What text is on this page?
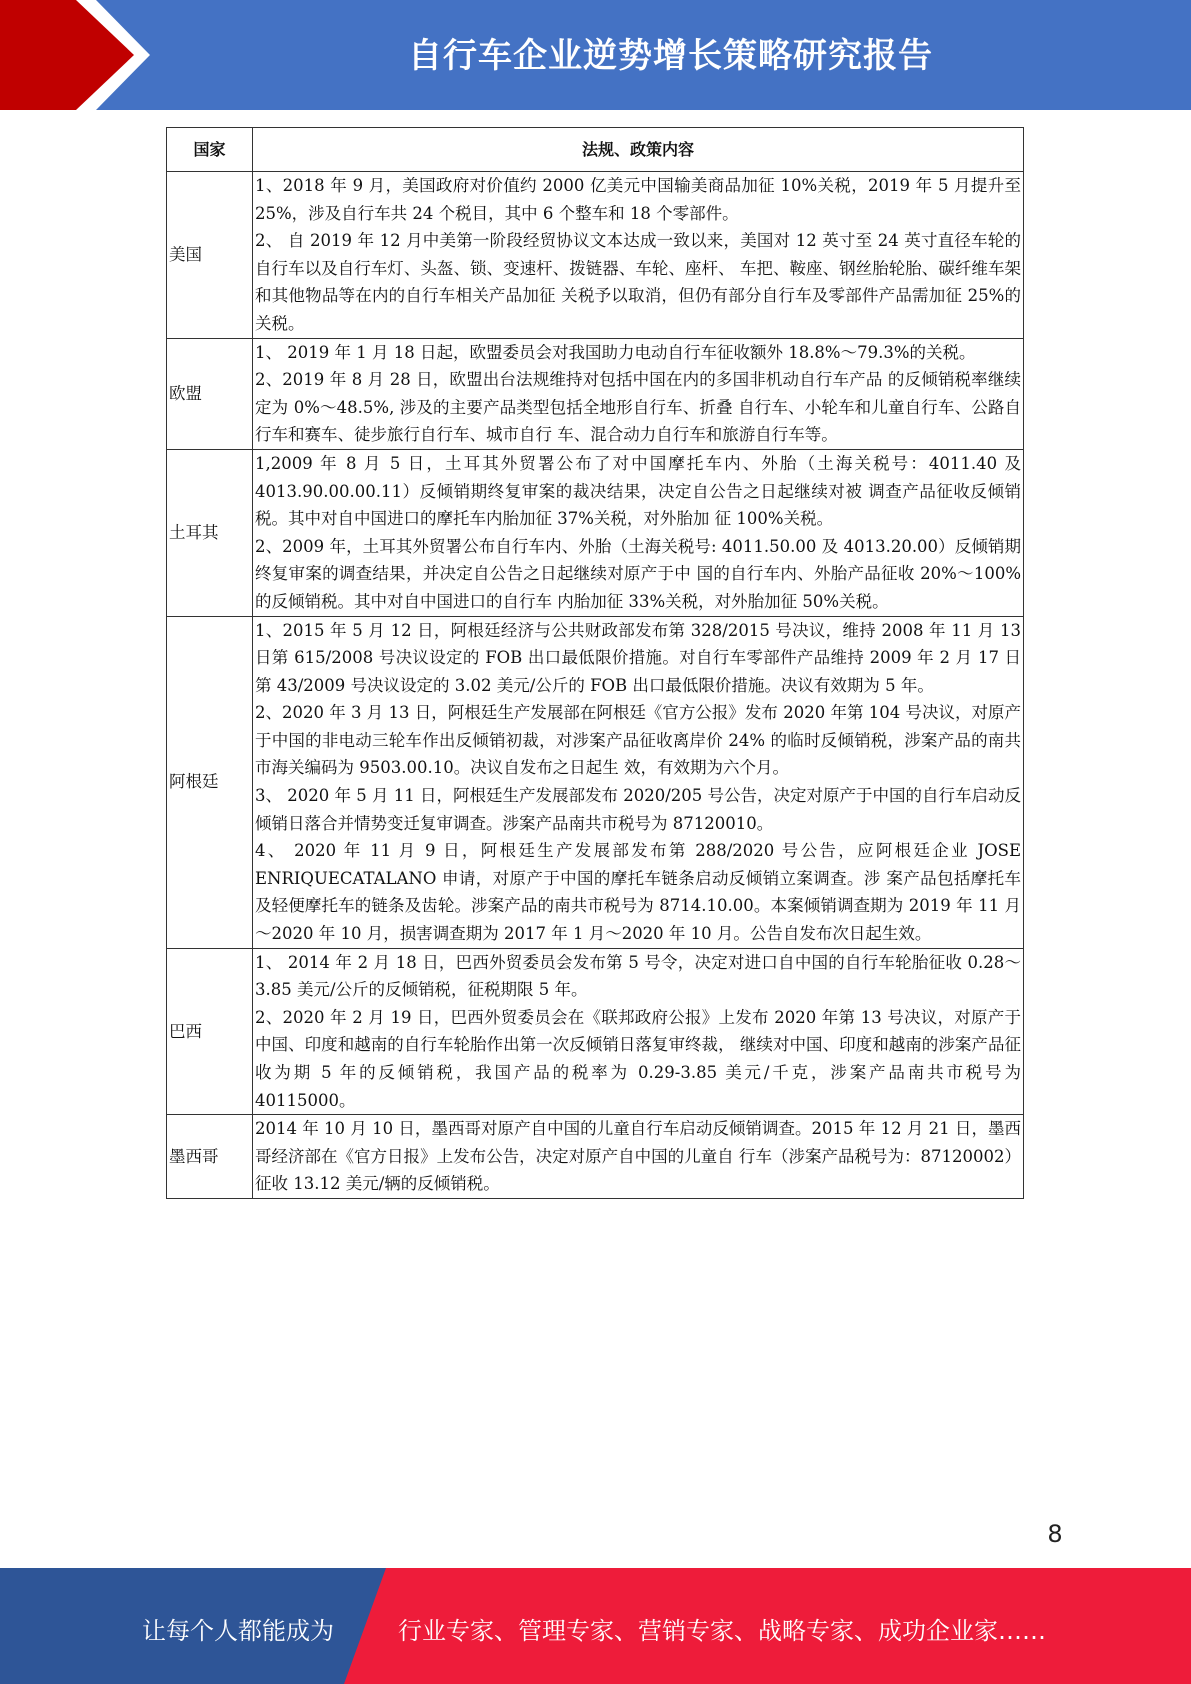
自行车企业逆势增长策略研究报告
国家	法规、政策内容
美国	1、2018 年 9 月，美国政府对价值约 2000 亿美元中国输美商品加征 10%关税，2019 年 5 月提升至 25%，涉及自行车共 24 个税目，其中 6 个整车和 18 个零部件。

2、 自 2019 年 12 月中美第一阶段经贸协议文本达成一致以来，美国对 12 英寸至 24 英寸直径车轮的自行车以及自行车灯、头盔、锁、变速杆、拨链器、车轮、座杆、 车把、鞍座、钢丝胎轮胎、碳纤维车架和其他物品等在内的自行车相关产品加征 关税予以取消，但仍有部分自行车及零部件产品需加征 25%的关税。

欧盟	1、 2019 年 1 月 18 日起，欧盟委员会对我国助力电动自行车征收额外 18.8%～79.3%的关税。

2、2019 年 8 月 28 日，欧盟出台法规维持对包括中国在内的多国非机动自行车产品 的反倾销税率继续定为 0%～48.5%, 涉及的主要产品类型包括全地形自行车、折叠 自行车、小轮车和儿童自行车、公路自行车和赛车、徒步旅行自行车、城市自行 车、混合动力自行车和旅游自行车等。

土耳其	1,2009 年 8 月 5 日，土耳其外贸署公布了对中国摩托车内、外胎（土海关税号：4011.40 及 4013.90.00.00.11）反倾销期终复审案的裁决结果，决定自公告之日起继续对被 调查产品征收反倾销税。其中对自中国进口的摩托车内胎加征 37%关税，对外胎加 征 100%关税。

2、2009 年，土耳其外贸署公布自行车内、外胎（土海关税号: 4011.50.00 及 4013.20.00）反倾销期终复审案的调查结果，并决定自公告之日起继续对原产于中 国的自行车内、外胎产品征收 20%～100%的反倾销税。其中对自中国进口的自行车 内胎加征 33%关税，对外胎加征 50%关税。

阿根廷	1、2015 年 5 月 12 日，阿根廷经济与公共财政部发布第 328/2015 号决议，维持 2008 年 11 月 13 日第 615/2008 号决议设定的 FOB 出口最低限价措施。对自行车零部件产品维持 2009 年 2 月 17 日第 43/2009 号决议设定的 3.02 美元/公斤的 FOB 出口最低限价措施。决议有效期为 5 年。

2、2020 年 3 月 13 日，阿根廷生产发展部在阿根廷《官方公报》发布 2020 年第 104 号决议，对原产于中国的非电动三轮车作出反倾销初裁，对涉案产品征收离岸价 24% 的临时反倾销税，涉案产品的南共市海关编码为 9503.00.10。决议自发布之日起生 效，有效期为六个月。

3、 2020 年 5 月 11 日，阿根廷生产发展部发布 2020/205 号公告，决定对原产于中国的自行车启动反倾销日落合并情势变迁复审调查。涉案产品南共市税号为 87120010。

4、 2020 年 11 月 9 日，阿根廷生产发展部发布第 288/2020 号公告，应阿根廷企业 JOSE ENRIQUECATALANO 申请，对原产于中国的摩托车链条启动反倾销立案调查。涉 案产品包括摩托车及轻便摩托车的链条及齿轮。涉案产品的南共市税号为 8714.10.00。本案倾销调查期为 2019 年 11 月～2020 年 10 月，损害调查期为 2017 年 1 月～2020 年 10 月。公告自发布次日起生效。

巴西	1、 2014 年 2 月 18 日，巴西外贸委员会发布第 5 号令，决定对进口自中国的自行车轮胎征收 0.28～3.85 美元/公斤的反倾销税，征税期限 5 年。

2、2020 年 2 月 19 日，巴西外贸委员会在《联邦政府公报》上发布 2020 年第 13 号决议，对原产于中国、印度和越南的自行车轮胎作出第一次反倾销日落复审终裁， 继续对中国、印度和越南的涉案产品征收为期 5 年的反倾销税，我国产品的税率为 0.29-3.85 美元/千克，涉案产品南共市税号为 40115000。

墨西哥	2014 年 10 月 10 日，墨西哥对原产自中国的儿童自行车启动反倾销调查。2015 年 12 月 21 日，墨西哥经济部在《官方日报》上发布公告，决定对原产自中国的儿童自 行车（涉案产品税号为：87120002）征收 13.12 美元/辆的反倾销税。

8
让每个人都能成为	行业专家、管理专家、营销专家、战略专家、成功企业家……
